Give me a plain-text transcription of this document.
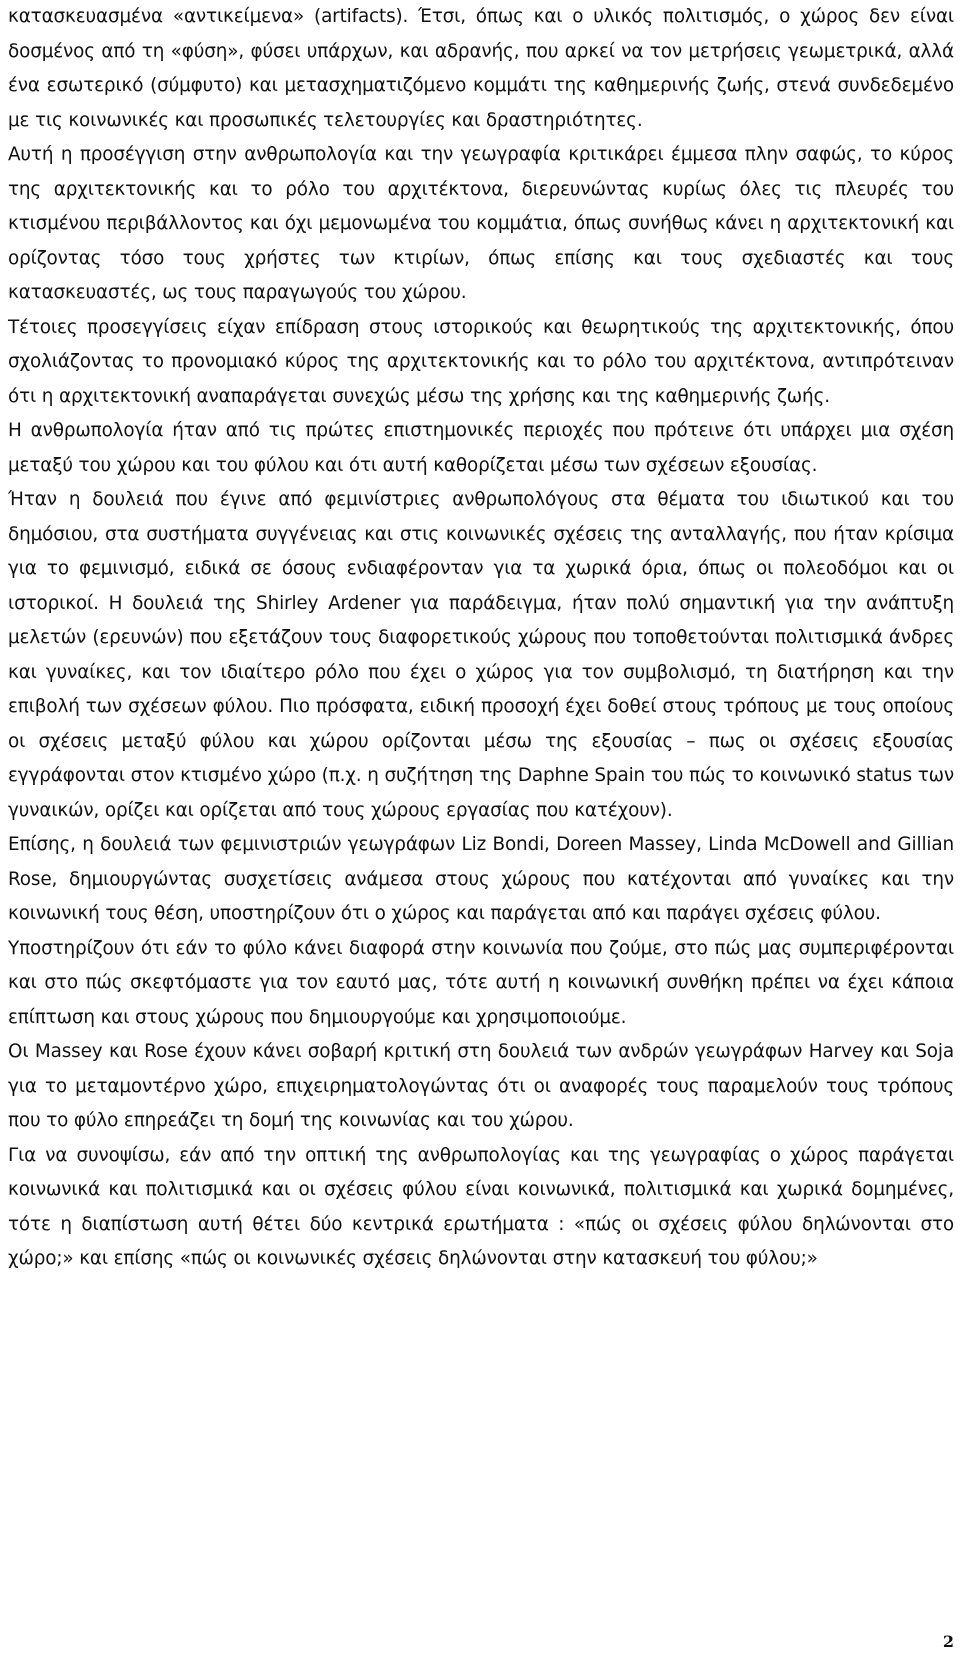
κατασκευασμένα «αντικείμενα» (artifacts). Έτσι, όπως και ο υλικός πολιτισμός, ο χώρος δεν είναι δοσμένος από τη «φύση», φύσει υπάρχων, και αδρανής, που αρκεί να τον μετρήσεις γεωμετρικά, αλλά ένα εσωτερικό (σύμφυτο) και μετασχηματιζόμενο κομμάτι της καθημερινής ζωής, στενά συνδεδεμένο με τις κοινωνικές και προσωπικές τελετουργίες και δραστηριότητες.

Αυτή η προσέγγιση στην ανθρωπολογία και την γεωγραφία κριτικάρει έμμεσα πλην σαφώς, το κύρος της αρχιτεκτονικής και το ρόλο του αρχιτέκτονα, διερευνώντας κυρίως όλες τις πλευρές του κτισμένου περιβάλλοντος και όχι μεμονωμένα του κομμάτια, όπως συνήθως κάνει η αρχιτεκτονική και ορίζοντας τόσο τους χρήστες των κτιρίων, όπως επίσης και τους σχεδιαστές και τους κατασκευαστές, ως τους παραγωγούς του χώρου.

Τέτοιες προσεγγίσεις είχαν επίδραση στους ιστορικούς και θεωρητικούς της αρχιτεκτονικής, όπου σχολιάζοντας το προνομιακό κύρος της αρχιτεκτονικής και το ρόλο του αρχιτέκτονα, αντιπρότειναν ότι η αρχιτεκτονική αναπαράγεται συνεχώς μέσω της χρήσης και της καθημερινής ζωής.

Η ανθρωπολογία ήταν από τις πρώτες επιστημονικές περιοχές που πρότεινε ότι υπάρχει μια σχέση μεταξύ του χώρου και του φύλου και ότι αυτή καθορίζεται μέσω των σχέσεων εξουσίας.

Ήταν η δουλειά που έγινε από φεμινίστριες ανθρωπολόγους στα θέματα του ιδιωτικού και του δημόσιου, στα συστήματα συγγένειας και στις κοινωνικές σχέσεις της ανταλλαγής, που ήταν κρίσιμα για το φεμινισμό, ειδικά σε όσους ενδιαφέρονταν για τα χωρικά όρια, όπως οι πολεοδόμοι και οι ιστορικοί. Η δουλειά της Shirley Ardener για παράδειγμα, ήταν πολύ σημαντική για την ανάπτυξη μελετών (ερευνών) που εξετάζουν τους διαφορετικούς χώρους που τοποθετούνται πολιτισμικά άνδρες και γυναίκες, και τον ιδιαίτερο ρόλο που έχει ο χώρος για τον συμβολισμό, τη διατήρηση και την επιβολή των σχέσεων φύλου. Πιο πρόσφατα, ειδική προσοχή έχει δοθεί στους τρόπους με τους οποίους οι σχέσεις μεταξύ φύλου και χώρου ορίζονται μέσω της εξουσίας – πως οι σχέσεις εξουσίας εγγράφονται στον κτισμένο χώρο (π.χ. η συζήτηση της Daphne Spain του πώς το κοινωνικό status των γυναικών, ορίζει και ορίζεται από τους χώρους εργασίας που κατέχουν).

Επίσης, η δουλειά των φεμινιστριών γεωγράφων Liz Bondi, Doreen Massey, Linda McDowell and Gillian Rose, δημιουργώντας συσχετίσεις ανάμεσα στους χώρους που κατέχονται από γυναίκες και την κοινωνική τους θέση, υποστηρίζουν ότι ο χώρος και παράγεται από και παράγει σχέσεις φύλου.

Υποστηρίζουν ότι εάν το φύλο κάνει διαφορά στην κοινωνία που ζούμε, στο πώς μας συμπεριφέρονται και στο πώς σκεφτόμαστε για τον εαυτό μας, τότε αυτή η κοινωνική συνθήκη πρέπει να έχει κάποια επίπτωση και στους χώρους που δημιουργούμε και χρησιμοποιούμε.

Οι Massey και Rose έχουν κάνει σοβαρή κριτική στη δουλειά των ανδρών γεωγράφων Harvey και Soja για το μεταμοντέρνο χώρο, επιχειρηματολογώντας ότι οι αναφορές τους παραμελούν τους τρόπους που το φύλο επηρεάζει τη δομή της κοινωνίας και του χώρου.

Για να συνοψίσω, εάν από την οπτική της ανθρωπολογίας και της γεωγραφίας ο χώρος παράγεται κοινωνικά και πολιτισμικά και οι σχέσεις φύλου είναι κοινωνικά, πολιτισμικά και χωρικά δομημένες, τότε η διαπίστωση αυτή θέτει δύο κεντρικά ερωτήματα : «πώς οι σχέσεις φύλου δηλώνονται στο χώρο;» και επίσης «πώς οι κοινωνικές σχέσεις δηλώνονται στην κατασκευή του φύλου;»

2
